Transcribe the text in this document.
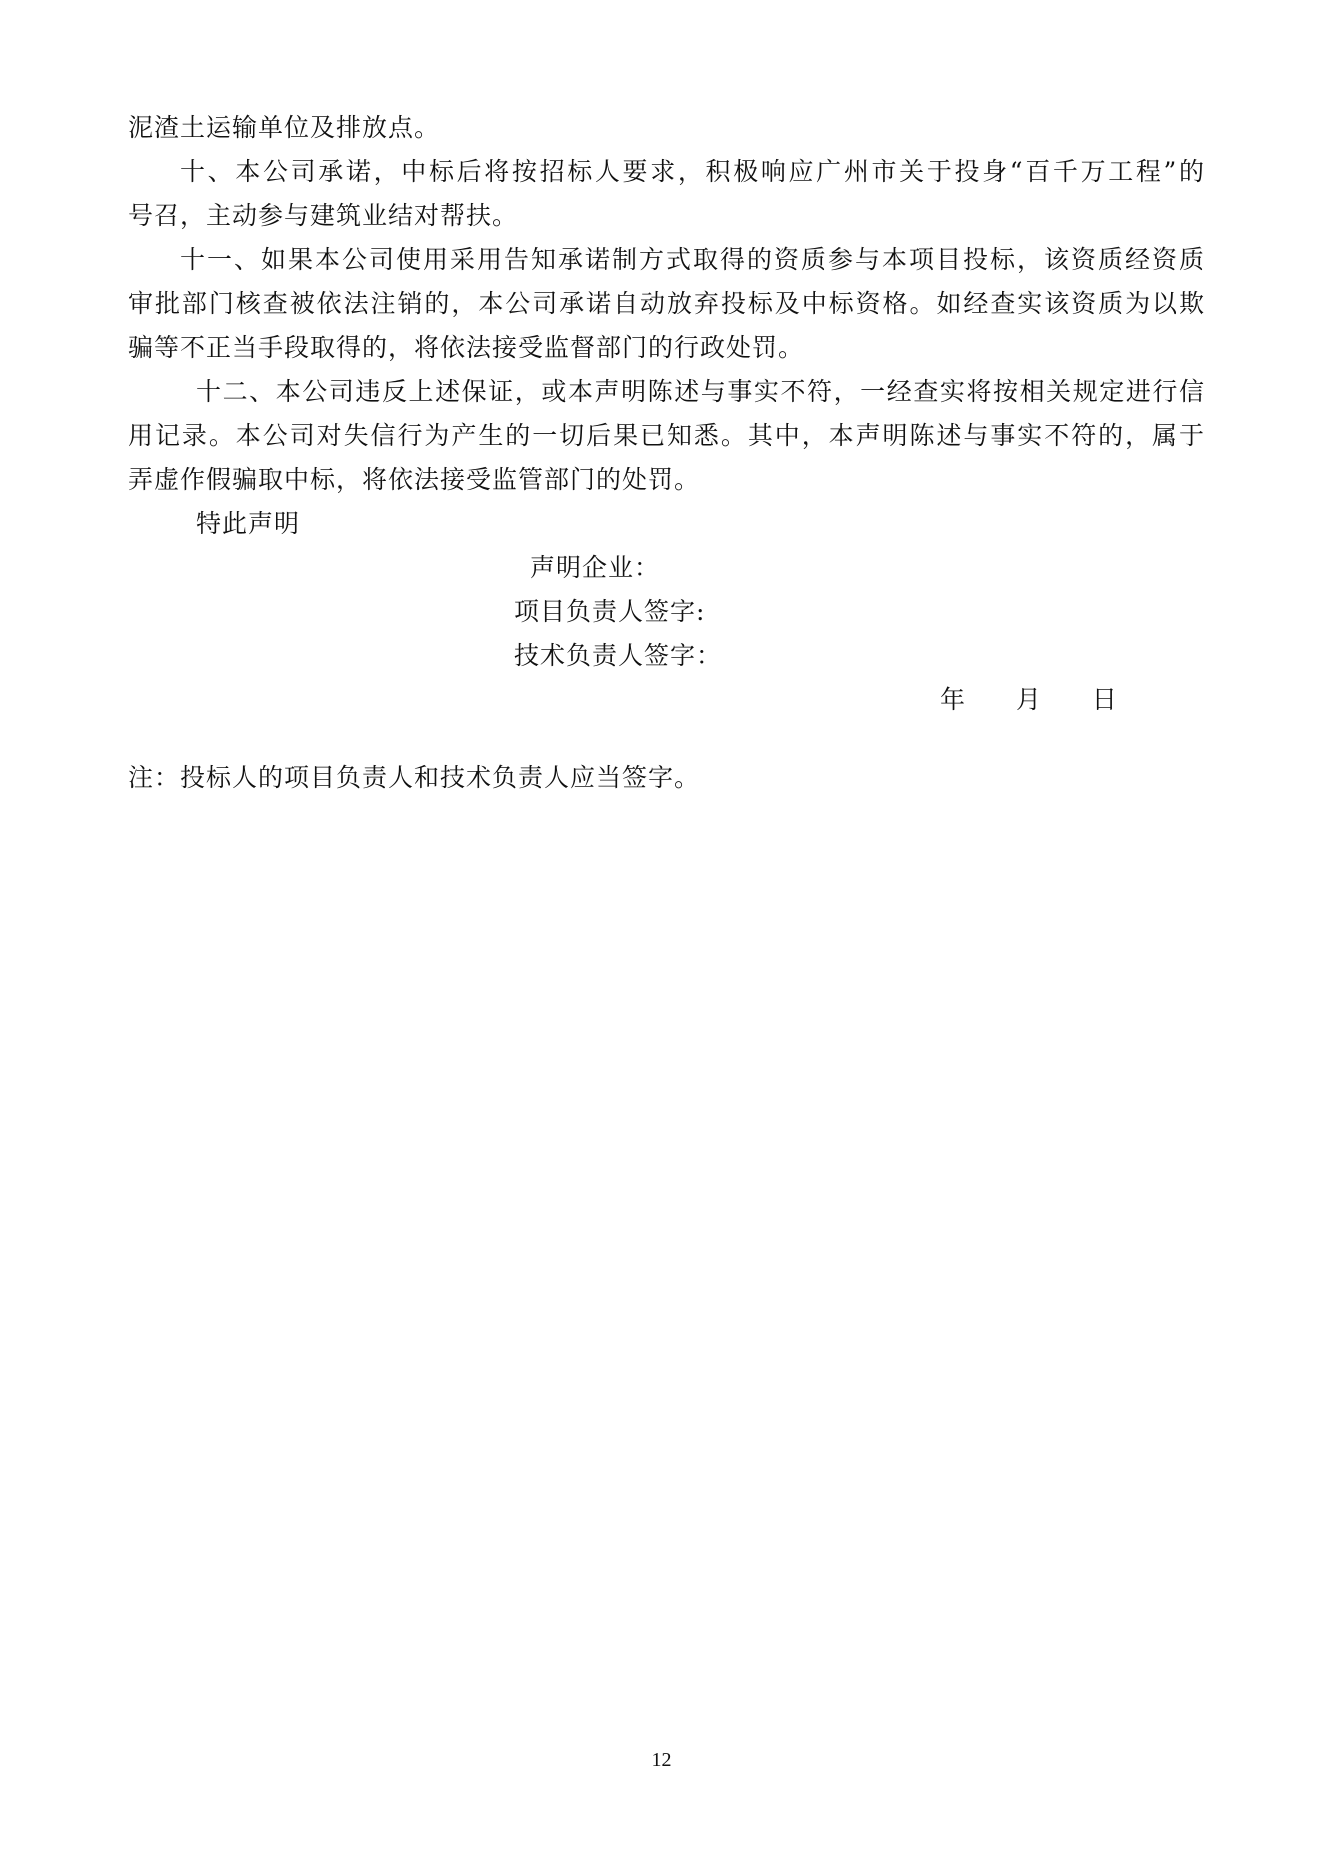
泥渣土运输单位及排放点。
十、本公司承诺，中标后将按招标人要求，积极响应广州市关于投身“百千万工程”的
号召，主动参与建筑业结对帮扶。
十一、如果本公司使用采用告知承诺制方式取得的资质参与本项目投标，该资质经资质
审批部门核查被依法注销的，本公司承诺自动放弃投标及中标资格。如经查实该资质为以欺
骗等不正当手段取得的，将依法接受监督部门的行政处罚。
十二、本公司违反上述保证，或本声明陈述与事实不符，一经查实将按相关规定进行信
用记录。本公司对失信行为产生的一切后果已知悉。其中，本声明陈述与事实不符的，属于
弄虚作假骗取中标，将依法接受监管部门的处罚。
特此声明
声明企业：
项目负责人签字:
技术负责人签字：
年　 月 　日
注：投标人的项目负责人和技术负责人应当签字。
12
